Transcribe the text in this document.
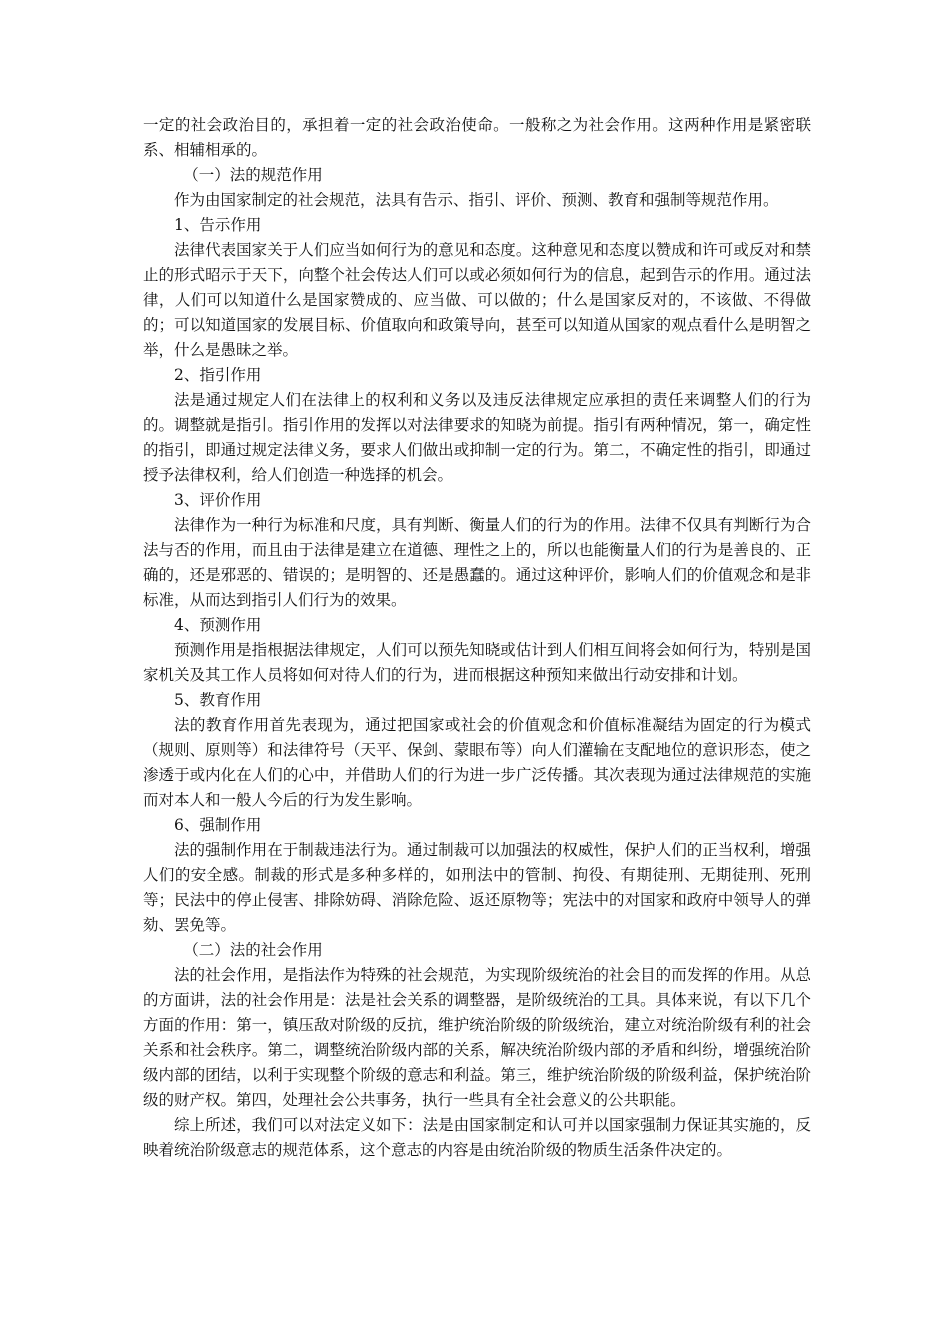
一定的社会政治目的，承担着一定的社会政治使命。一般称之为社会作用。这两种作用是紧密联系、相辅相承的。

（一）法的规范作用

作为由国家制定的社会规范，法具有告示、指引、评价、预测、教育和强制等规范作用。

1、告示作用

法律代表国家关于人们应当如何行为的意见和态度。这种意见和态度以赞成和许可或反对和禁止的形式昭示于天下，向整个社会传达人们可以或必须如何行为的信息，起到告示的作用。通过法律，人们可以知道什么是国家赞成的、应当做、可以做的；什么是国家反对的，不该做、不得做的；可以知道国家的发展目标、价值取向和政策导向，甚至可以知道从国家的观点看什么是明智之举，什么是愚昧之举。

2、指引作用

法是通过规定人们在法律上的权利和义务以及违反法律规定应承担的责任来调整人们的行为的。调整就是指引。指引作用的发挥以对法律要求的知晓为前提。指引有两种情况，第一，确定性的指引，即通过规定法律义务，要求人们做出或抑制一定的行为。第二，不确定性的指引，即通过授予法律权利，给人们创造一种选择的机会。

3、评价作用

法律作为一种行为标准和尺度，具有判断、衡量人们的行为的作用。法律不仅具有判断行为合法与否的作用，而且由于法律是建立在道德、理性之上的，所以也能衡量人们的行为是善良的、正确的，还是邪恶的、错误的；是明智的、还是愚蠢的。通过这种评价，影响人们的价值观念和是非标准，从而达到指引人们行为的效果。

4、预测作用

预测作用是指根据法律规定，人们可以预先知晓或估计到人们相互间将会如何行为，特别是国家机关及其工作人员将如何对待人们的行为，进而根据这种预知来做出行动安排和计划。

5、教育作用

法的教育作用首先表现为，通过把国家或社会的价值观念和价值标准凝结为固定的行为模式（规则、原则等）和法律符号（天平、保剑、蒙眼布等）向人们灌输在支配地位的意识形态，使之渗透于或内化在人们的心中，并借助人们的行为进一步广泛传播。其次表现为通过法律规范的实施而对本人和一般人今后的行为发生影响。

6、强制作用

法的强制作用在于制裁违法行为。通过制裁可以加强法的权威性，保护人们的正当权利，增强人们的安全感。制裁的形式是多种多样的，如刑法中的管制、拘役、有期徒刑、无期徒刑、死刑等；民法中的停止侵害、排除妨碍、消除危险、返还原物等；宪法中的对国家和政府中领导人的弹劾、罢免等。

（二）法的社会作用

法的社会作用，是指法作为特殊的社会规范，为实现阶级统治的社会目的而发挥的作用。从总的方面讲，法的社会作用是：法是社会关系的调整器，是阶级统治的工具。具体来说，有以下几个方面的作用：第一，镇压敌对阶级的反抗，维护统治阶级的阶级统治，建立对统治阶级有利的社会关系和社会秩序。第二，调整统治阶级内部的关系，解决统治阶级内部的矛盾和纠纷，增强统治阶级内部的团结，以利于实现整个阶级的意志和利益。第三，维护统治阶级的阶级利益，保护统治阶级的财产权。第四，处理社会公共事务，执行一些具有全社会意义的公共职能。

综上所述，我们可以对法定义如下：法是由国家制定和认可并以国家强制力保证其实施的，反映着统治阶级意志的规范体系，这个意志的内容是由统治阶级的物质生活条件决定的。
